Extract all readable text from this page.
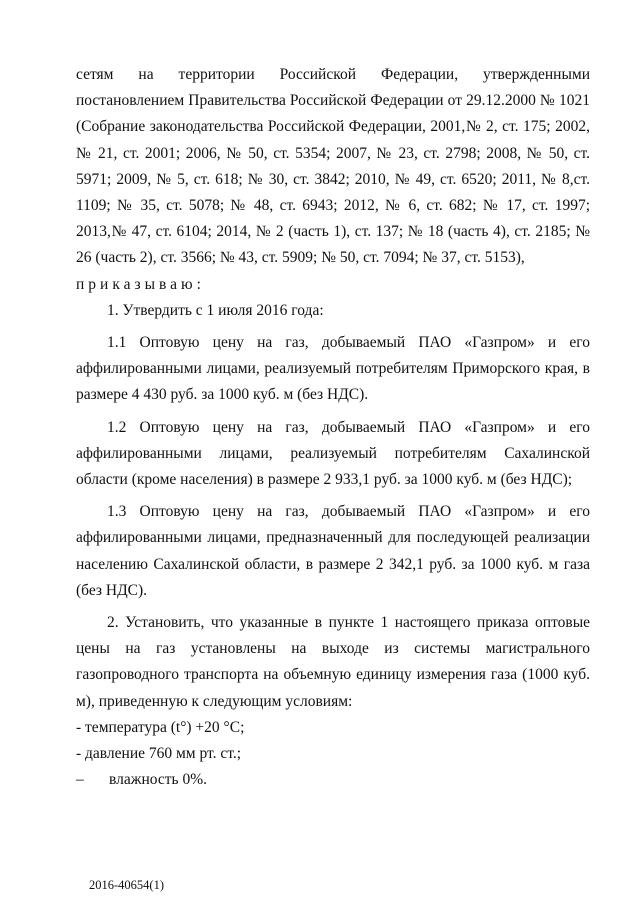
сетям на территории Российской Федерации, утвержденными постановлением Правительства Российской Федерации от 29.12.2000 № 1021 (Собрание законодательства Российской Федерации, 2001,№ 2, ст. 175; 2002, № 21, ст. 2001; 2006, № 50, ст. 5354; 2007, № 23, ст. 2798; 2008, № 50, ст. 5971; 2009, № 5, ст. 618; № 30, ст. 3842; 2010, № 49, ст. 6520; 2011, № 8,ст. 1109; № 35, ст. 5078; № 48, ст. 6943; 2012, № 6, ст. 682; № 17, ст. 1997; 2013,№ 47, ст. 6104; 2014, № 2 (часть 1), ст. 137; № 18 (часть 4), ст. 2185; № 26 (часть 2), ст. 3566; № 43, ст. 5909; № 50, ст. 7094; № 37, ст. 5153),

приказываю:

1. Утвердить с 1 июля 2016 года:

1.1 Оптовую цену на газ, добываемый ПАО «Газпром» и его аффилированными лицами, реализуемый потребителям Приморского края, в размере 4 430 руб. за 1000 куб. м (без НДС).

1.2 Оптовую цену на газ, добываемый ПАО «Газпром» и его аффилированными лицами, реализуемый потребителям Сахалинской области (кроме населения) в размере 2 933,1 руб. за 1000 куб. м (без НДС);

1.3 Оптовую цену на газ, добываемый ПАО «Газпром» и его аффилированными лицами, предназначенный для последующей реализации населению Сахалинской области, в размере 2 342,1 руб. за 1000 куб. м газа (без НДС).

2. Установить, что указанные в пункте 1 настоящего приказа оптовые цены на газ установлены на выходе из системы магистрального газопроводного транспорта на объемную единицу измерения газа (1000 куб. м), приведенную к следующим условиям:

- температура (t°) +20 °С;

- давление 760 мм рт. ст.;

–	влажность 0%.

2016-40654(1)
